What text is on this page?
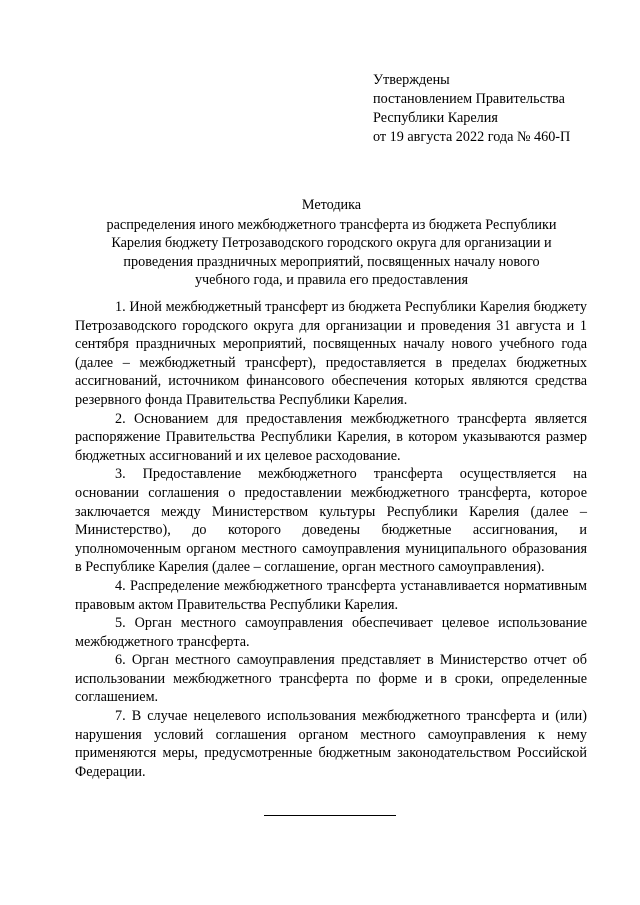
Утверждены
постановлением Правительства
Республики Карелия
от 19 августа 2022 года № 460-П
Методика
распределения иного межбюджетного трансферта из бюджета Республики
Карелия бюджету Петрозаводского городского округа для организации и
проведения праздничных мероприятий, посвященных началу нового
учебного года, и правила его предоставления

1. Иной межбюджетный трансферт из бюджета Республики Карелия бюджету Петрозаводского городского округа для организации и проведения 31 августа и 1 сентября праздничных мероприятий, посвященных началу нового учебного года (далее – межбюджетный трансферт), предоставляется в пределах бюджетных ассигнований, источником финансового обеспечения которых являются средства резервного фонда Правительства Республики Карелия.

2. Основанием для предоставления межбюджетного трансферта является распоряжение Правительства Республики Карелия, в котором указываются размер бюджетных ассигнований и их целевое расходование.

3. Предоставление межбюджетного трансферта осуществляется на основании соглашения о предоставлении межбюджетного трансферта, которое заключается между Министерством культуры Республики Карелия (далее – Министерство), до которого доведены бюджетные ассигнования, и уполномоченным органом местного самоуправления муниципального образования в Республике Карелия (далее – соглашение, орган местного самоуправления).

4. Распределение межбюджетного трансферта устанавливается нормативным правовым актом Правительства Республики Карелия.

5. Орган местного самоуправления обеспечивает целевое использование межбюджетного трансферта.

6. Орган местного самоуправления представляет в Министерство отчет об использовании межбюджетного трансферта по форме и в сроки, определенные соглашением.

7. В случае нецелевого использования межбюджетного трансферта и (или) нарушения условий соглашения органом местного самоуправления к нему применяются меры, предусмотренные бюджетным законодательством Российской Федерации.
